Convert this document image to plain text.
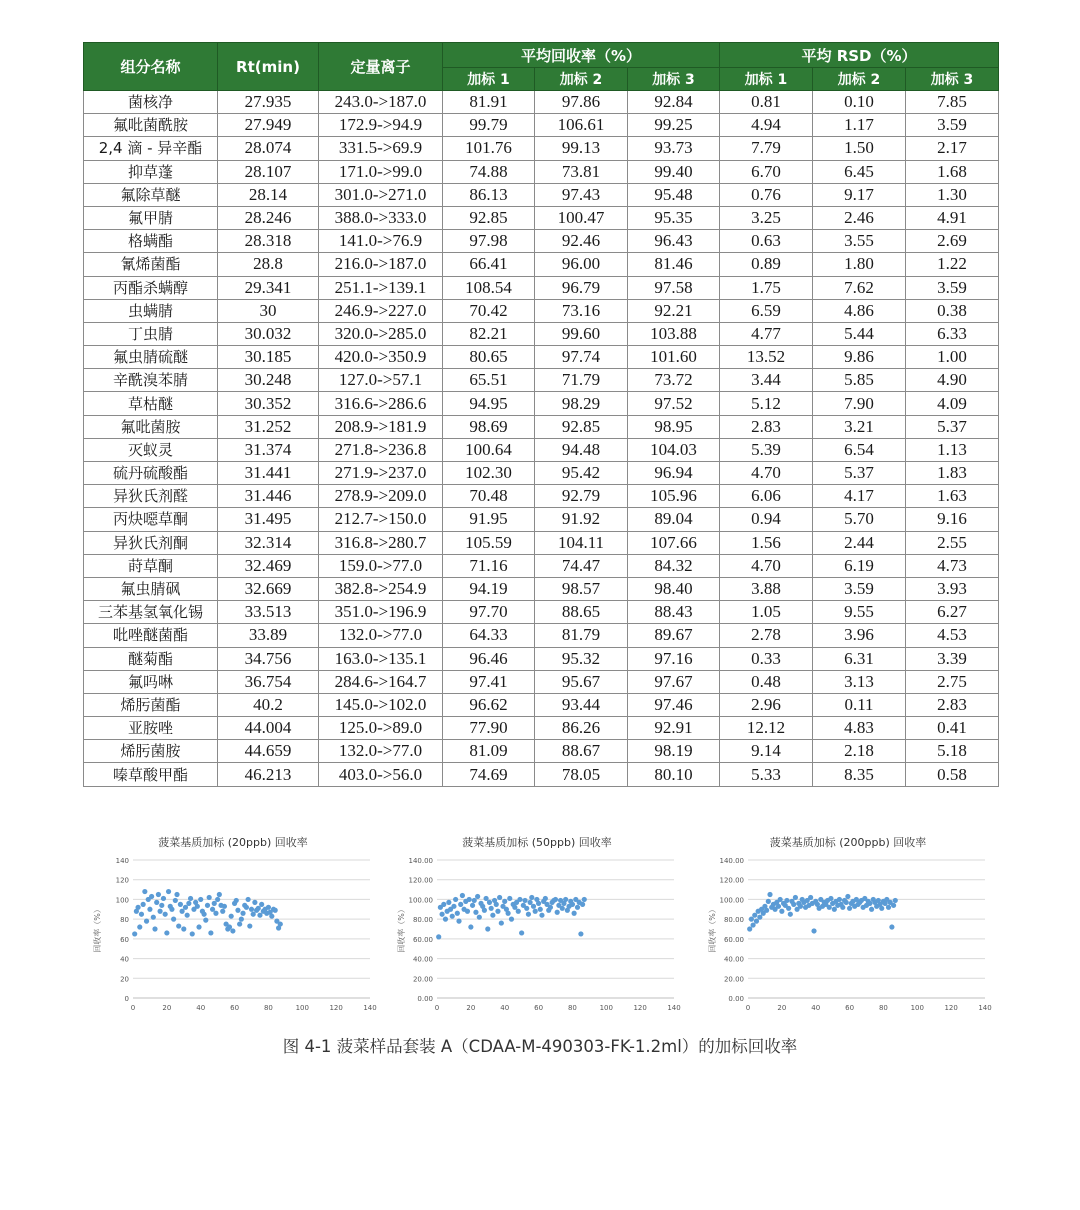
组分名称	Rt(min)	定量离子	平均回收率（%）			平均 RSD（%）		
			加标 1	加标 2	加标 3	加标 1	加标 2	加标 3
菌核净	27.935	243.0->187.0	81.91	97.86	92.84	0.81	0.10	7.85
氟吡菌酰胺	27.949	172.9->94.9	99.79	106.61	99.25	4.94	1.17	3.59
2,4 滴 - 异辛酯	28.074	331.5->69.9	101.76	99.13	93.73	7.79	1.50	2.17
抑草蓬	28.107	171.0->99.0	74.88	73.81	99.40	6.70	6.45	1.68
氟除草醚	28.14	301.0->271.0	86.13	97.43	95.48	0.76	9.17	1.30
氟甲腈	28.246	388.0->333.0	92.85	100.47	95.35	3.25	2.46	4.91
格螨酯	28.318	141.0->76.9	97.98	92.46	96.43	0.63	3.55	2.69
氰烯菌酯	28.8	216.0->187.0	66.41	96.00	81.46	0.89	1.80	1.22
丙酯杀螨醇	29.341	251.1->139.1	108.54	96.79	97.58	1.75	7.62	3.59
虫螨腈	30	246.9->227.0	70.42	73.16	92.21	6.59	4.86	0.38
丁虫腈	30.032	320.0->285.0	82.21	99.60	103.88	4.77	5.44	6.33
氟虫腈硫醚	30.185	420.0->350.9	80.65	97.74	101.60	13.52	9.86	1.00
辛酰溴苯腈	30.248	127.0->57.1	65.51	71.79	73.72	3.44	5.85	4.90
草枯醚	30.352	316.6->286.6	94.95	98.29	97.52	5.12	7.90	4.09
氟吡菌胺	31.252	208.9->181.9	98.69	92.85	98.95	2.83	3.21	5.37
灭蚁灵	31.374	271.8->236.8	100.64	94.48	104.03	5.39	6.54	1.13
硫丹硫酸酯	31.441	271.9->237.0	102.30	95.42	96.94	4.70	5.37	1.83
异狄氏剂醛	31.446	278.9->209.0	70.48	92.79	105.96	6.06	4.17	1.63
丙炔噁草酮	31.495	212.7->150.0	91.95	91.92	89.04	0.94	5.70	9.16
异狄氏剂酮	32.314	316.8->280.7	105.59	104.11	107.66	1.56	2.44	2.55
莳草酮	32.469	159.0->77.0	71.16	74.47	84.32	4.70	6.19	4.73
氟虫腈砜	32.669	382.8->254.9	94.19	98.57	98.40	3.88	3.59	3.93
三苯基氢氧化锡	33.513	351.0->196.9	97.70	88.65	88.43	1.05	9.55	6.27
吡唑醚菌酯	33.89	132.0->77.0	64.33	81.79	89.67	2.78	3.96	4.53
醚菊酯	34.756	163.0->135.1	96.46	95.32	97.16	0.33	6.31	3.39
氟吗啉	36.754	284.6->164.7	97.41	95.67	97.67	0.48	3.13	2.75
烯肟菌酯	40.2	145.0->102.0	96.62	93.44	97.46	2.96	0.11	2.83
亚胺唑	44.004	125.0->89.0	77.90	86.26	92.91	12.12	4.83	0.41
烯肟菌胺	44.659	132.0->77.0	81.09	88.67	98.19	9.14	2.18	5.18
嗪草酸甲酯	46.213	403.0->56.0	74.69	78.05	80.10	5.33	8.35	0.58
菠菜基质加标 (20ppb) 回收率
0
20
40
60
80
100
120
140
0	20	40	60	80	100	120	140
回收率（%）
菠菜基质加标 (50ppb) 回收率
0.00
20.00
40.00
60.00
80.00
100.00
120.00
140.00
0	20	40	60	80	100	120	140
回收率（%）
菠菜基质加标 (200ppb) 回收率
0.00
20.00
40.00
60.00
80.00
100.00
120.00
140.00
0	20	40	60	80	100	120	140
回收率（%）
图 4-1 菠菜样品套装 A（CDAA-M-490303-FK-1.2ml）的加标回收率
